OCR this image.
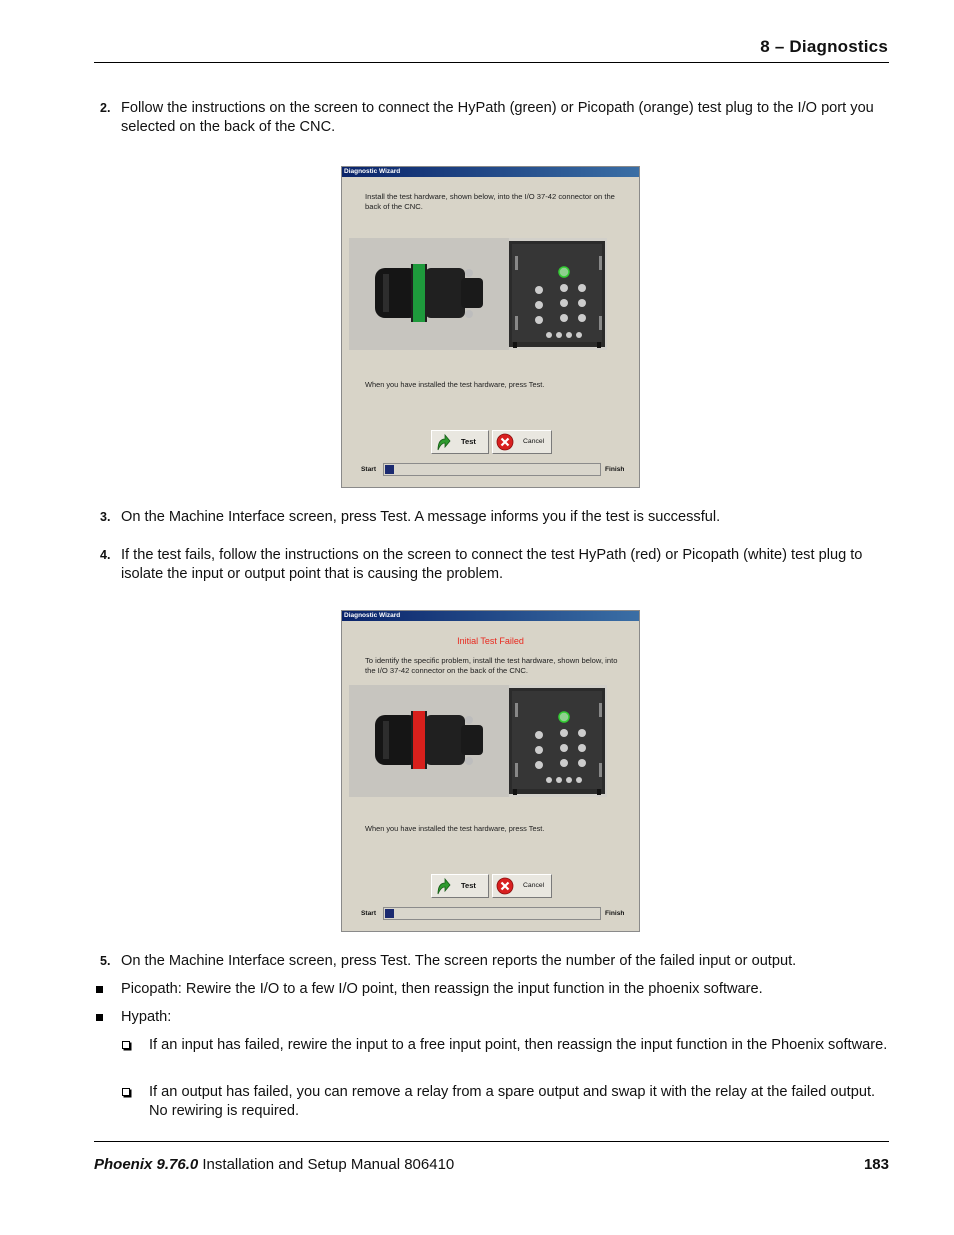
8 – Diagnostics
2. Follow the instructions on the screen to connect the HyPath (green) or Picopath (orange) test plug to the I/O port you selected on the back of the CNC.
Diagnostic Wizard
Install the test hardware, shown below, into the I/O 37-42 connector on the back of the CNC.
When you have installed the test hardware, press Test.
Test	Cancel
Start	Finish
3. On the Machine Interface screen, press Test. A message informs you if the test is successful.
4. If the test fails, follow the instructions on the screen to connect the test HyPath (red) or Picopath (white) test plug to isolate the input or output point that is causing the problem.
Diagnostic Wizard
Initial Test Failed
To identify the specific problem, install the test hardware, shown below, into the I/O 37-42 connector on the back of the CNC.
When you have installed the test hardware, press Test.
Test	Cancel
Start	Finish
5. On the Machine Interface screen, press Test. The screen reports the number of the failed input or output.
Picopath: Rewire the I/O to a few I/O point, then reassign the input function in the phoenix software.
Hypath:
If an input has failed, rewire the input to a free input point, then reassign the input function in the Phoenix software.
If an output has failed, you can remove a relay from a spare output and swap it with the relay at the failed output. No rewiring is required.
Phoenix 9.76.0 Installation and Setup Manual 806410	183
